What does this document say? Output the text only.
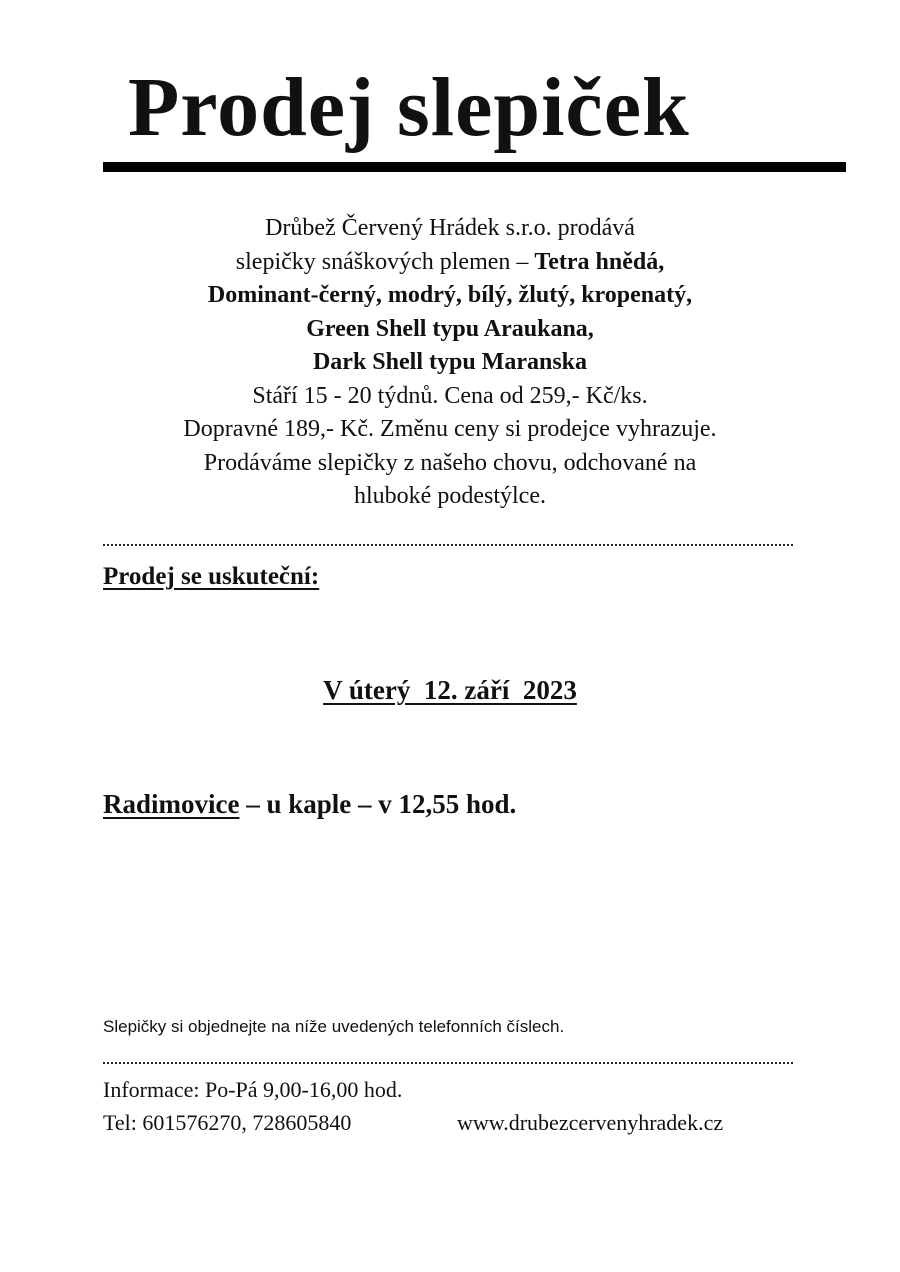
Prodej slepiček
Drůbež Červený Hrádek s.r.o. prodává
slepičky snáškových plemen – Tetra hnědá,
Dominant-černý, modrý, bílý, žlutý, kropenatý,
Green Shell typu Araukana,
Dark Shell typu Maranska
Stáří 15 - 20 týdnů. Cena od 259,- Kč/ks.
Dopravné 189,- Kč. Změnu ceny si prodejce vyhrazuje.
Prodáváme slepičky z našeho chovu, odchované na
hluboké podestýlce.
Prodej se uskuteční:
V úterý  12. září  2023
Radimovice – u kaple – v 12,55 hod.
Slepičky si objednejte na níže uvedených telefonních číslech.
Informace: Po-Pá 9,00-16,00 hod.
Tel: 601576270, 728605840	www.drubezcervenyhradek.cz
